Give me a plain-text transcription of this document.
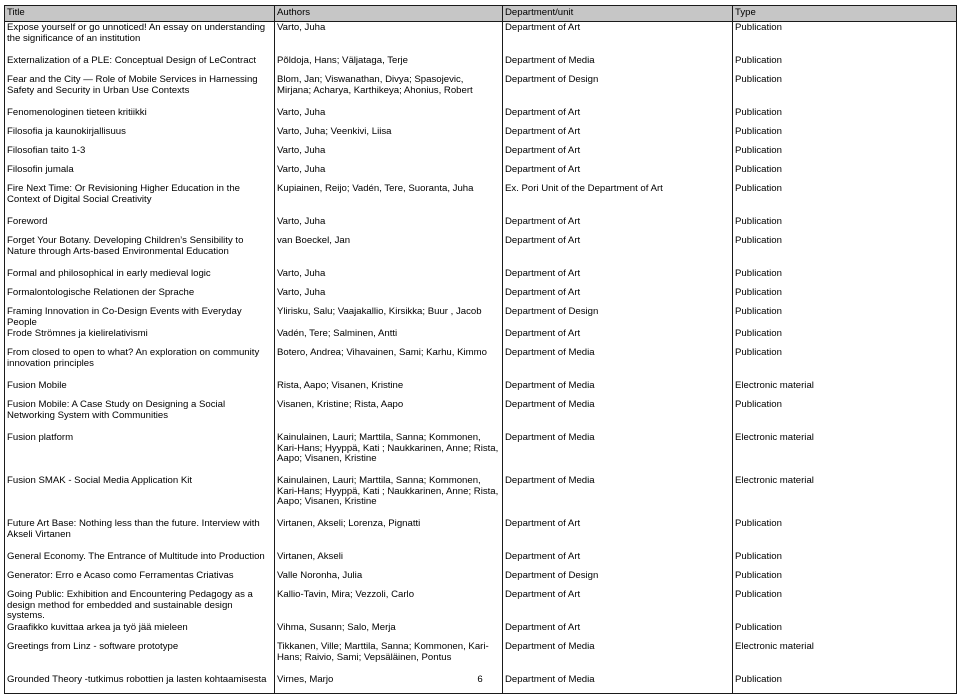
Title	Authors	Department/unit	Type
Expose yourself or go unnoticed! An essay on understanding the significance of an institution	Varto, Juha	Department of Art	Publication
Externalization of a PLE: Conceptual Design of LeContract	Põldoja, Hans; Väljataga, Terje	Department of Media	Publication
Fear and the City — Role of Mobile Services in Harnessing Safety and Security in Urban Use Contexts	Blom, Jan; Viswanathan, Divya; Spasojevic, Mirjana; Acharya, Karthikeya; Ahonius, Robert	Department of Design	Publication
Fenomenologinen tieteen kritiikki	Varto, Juha	Department of Art	Publication
Filosofia ja kaunokirjallisuus	Varto, Juha; Veenkivi, Liisa	Department of Art	Publication
Filosofian taito 1-3	Varto, Juha	Department of Art	Publication
Filosofin jumala	Varto, Juha	Department of Art	Publication
Fire Next Time: Or Revisioning Higher Education in the Context of Digital Social Creativity	Kupiainen, Reijo; Vadén, Tere, Suoranta, Juha	Ex. Pori Unit of the Department of Art	Publication
Foreword	Varto, Juha	Department of Art	Publication
Forget Your Botany. Developing Children’s Sensibility to Nature through Arts-based Environmental Education	van Boeckel, Jan	Department of Art	Publication
Formal and philosophical in early medieval logic	Varto, Juha	Department of Art	Publication
Formalontologische Relationen der Sprache	Varto, Juha	Department of Art	Publication
Framing Innovation in Co-Design Events with Everyday People	Ylirisku, Salu; Vaajakallio, Kirsikka; Buur , Jacob	Department of Design	Publication
Frode Strömnes ja kielirelativismi	Vadén, Tere; Salminen, Antti	Department of Art	Publication
From closed to open to what? An exploration on community innovation principles	Botero, Andrea; Vihavainen, Sami; Karhu, Kimmo	Department of Media	Publication
Fusion Mobile	Rista, Aapo; Visanen, Kristine	Department of Media	Electronic material
Fusion Mobile: A Case Study on Designing a Social Networking System with Communities	Visanen, Kristine; Rista, Aapo	Department of Media	Publication
Fusion platform	Kainulainen, Lauri; Marttila, Sanna; Kommonen, Kari-Hans; Hyyppä, Kati ; Naukkarinen, Anne; Rista, Aapo; Visanen, Kristine	Department of Media	Electronic material
Fusion SMAK - Social Media Application Kit	Kainulainen, Lauri; Marttila, Sanna; Kommonen, Kari-Hans; Hyyppä, Kati ; Naukkarinen, Anne; Rista, Aapo; Visanen, Kristine	Department of Media	Electronic material
Future Art Base: Nothing less than the future. Interview with Akseli Virtanen	Virtanen, Akseli; Lorenza, Pignatti	Department of Art	Publication
General Economy. The Entrance of Multitude into Production	Virtanen, Akseli	Department of Art	Publication
Generator: Erro e Acaso como Ferramentas Criativas	Valle Noronha, Julia	Department of Design	Publication
Going Public: Exhibition and Encountering Pedagogy as a design method for embedded and sustainable design systems.	Kallio-Tavin, Mira; Vezzoli, Carlo	Department of Art	Publication
Graafikko kuvittaa arkea ja työ jää mieleen	Vihma, Susann; Salo, Merja	Department of Art	Publication
Greetings from Linz - software prototype	Tikkanen, Ville; Marttila, Sanna; Kommonen, Kari-Hans; Raivio, Sami; Vepsäläinen, Pontus	Department of Media	Electronic material
Grounded Theory -tutkimus robottien ja lasten kohtaamisesta	Virnes, Marjo	Department of Media	Publication
6
